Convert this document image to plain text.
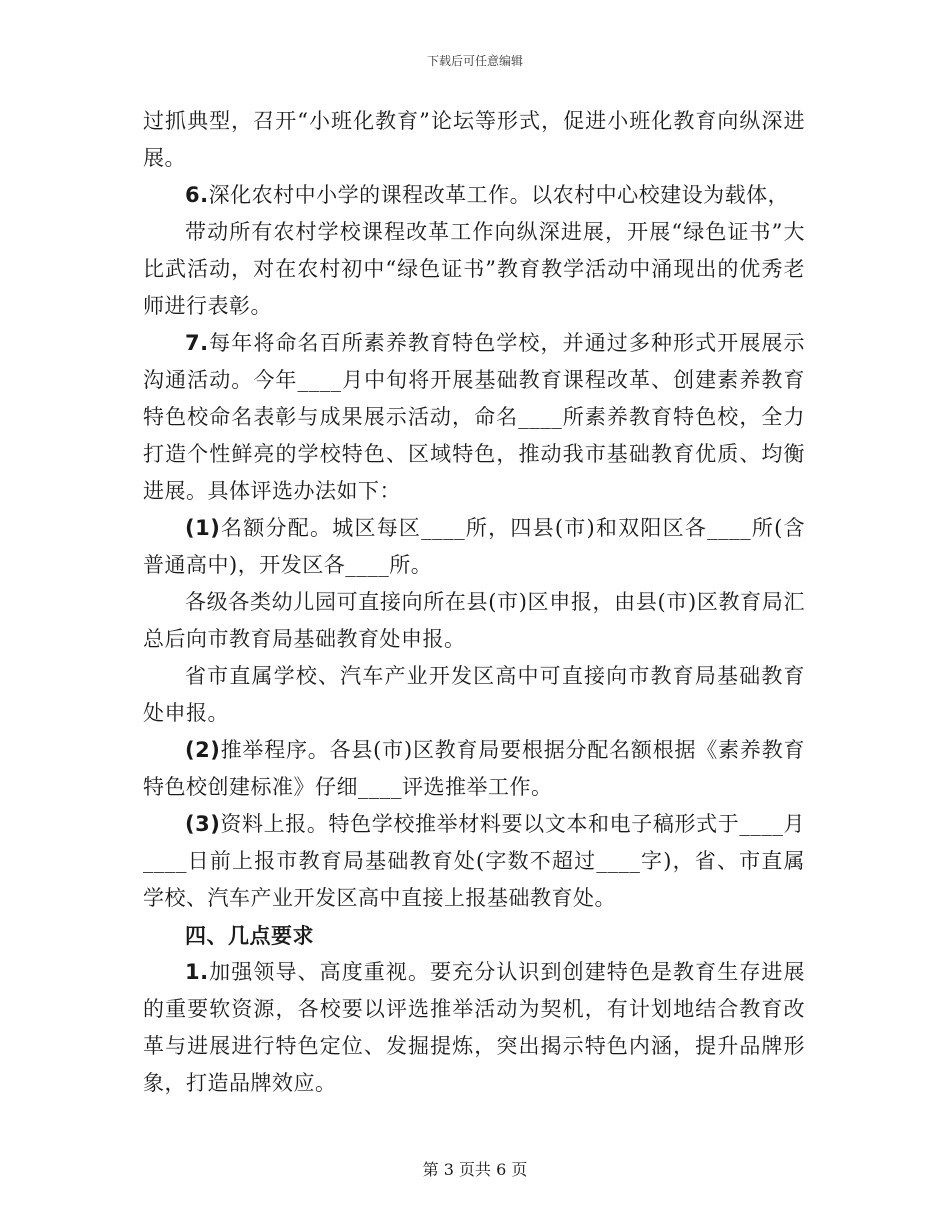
下载后可任意编辑

过抓典型，召开“小班化教育”论坛等形式，促进小班化教育向纵深进展。

6.深化农村中小学的课程改革工作。以农村中心校建设为载体，

带动所有农村学校课程改革工作向纵深进展，开展“绿色证书”大比武活动，对在农村初中“绿色证书”教育教学活动中涌现出的优秀老师进行表彰。

7.每年将命名百所素养教育特色学校，并通过多种形式开展展示沟通活动。今年____月中旬将开展基础教育课程改革、创建素养教育特色校命名表彰与成果展示活动，命名____所素养教育特色校，全力打造个性鲜亮的学校特色、区域特色，推动我市基础教育优质、均衡进展。具体评选办法如下：

(1)名额分配。城区每区____所，四县(市)和双阳区各____所(含普通高中)，开发区各____所。

各级各类幼儿园可直接向所在县(市)区申报，由县(市)区教育局汇总后向市教育局基础教育处申报。

省市直属学校、汽车产业开发区高中可直接向市教育局基础教育处申报。

(2)推举程序。各县(市)区教育局要根据分配名额根据《素养教育特色校创建标准》仔细____评选推举工作。

(3)资料上报。特色学校推举材料要以文本和电子稿形式于____月____日前上报市教育局基础教育处(字数不超过____字)，省、市直属学校、汽车产业开发区高中直接上报基础教育处。

四、几点要求

1.加强领导、高度重视。要充分认识到创建特色是教育生存进展的重要软资源，各校要以评选推举活动为契机，有计划地结合教育改革与进展进行特色定位、发掘提炼，突出揭示特色内涵，提升品牌形象，打造品牌效应。

第 3 页共 6 页
